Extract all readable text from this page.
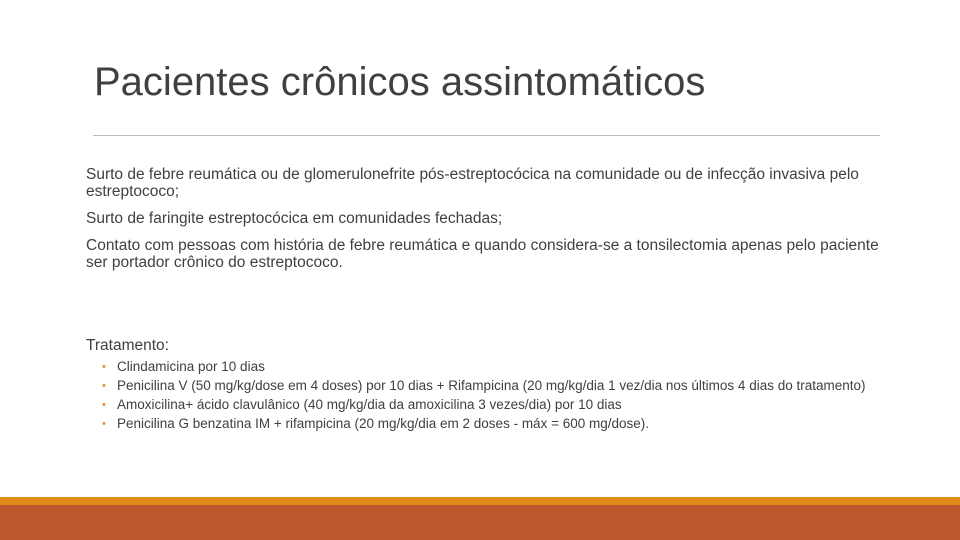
Pacientes crônicos assintomáticos

Surto de febre reumática ou de glomerulonefrite pós-estreptocócica na comunidade ou de infecção invasiva pelo estreptococo;

Surto de faringite estreptocócica em comunidades fechadas;

Contato com pessoas com história de febre reumática e quando considera-se a tonsilectomia apenas pelo paciente ser portador crônico do estreptococo.

Tratamento:
• Clindamicina por 10 dias
• Penicilina V (50 mg/kg/dose em 4 doses) por 10 dias + Rifampicina (20 mg/kg/dia 1 vez/dia nos últimos 4 dias do tratamento)
• Amoxicilina+ ácido clavulânico (40 mg/kg/dia da amoxicilina 3 vezes/dia) por 10 dias
• Penicilina G benzatina IM + rifampicina (20 mg/kg/dia em 2 doses - máx = 600 mg/dose).
